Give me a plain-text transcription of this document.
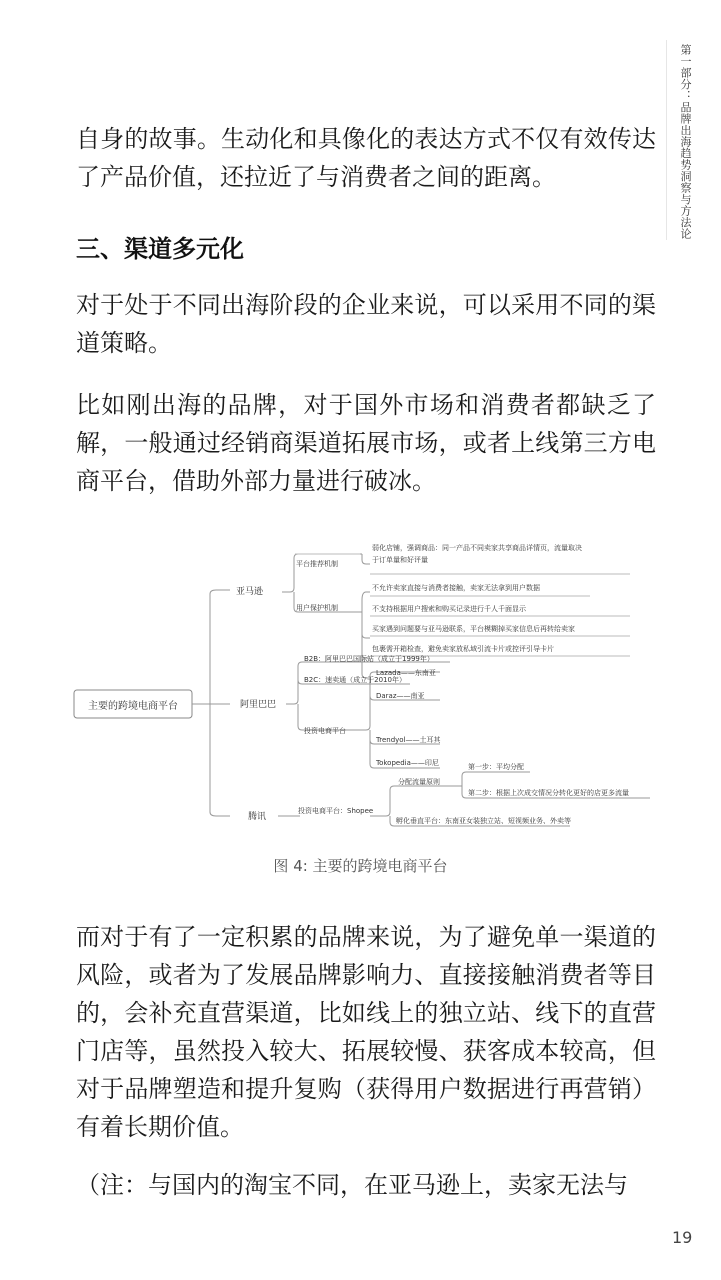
第一部分：品牌出海趋势洞察与方法论

自身的故事。生动化和具像化的表达方式不仅有效传达了产品价值，还拉近了与消费者之间的距离。

三、渠道多元化

对于处于不同出海阶段的企业来说，可以采用不同的渠道策略。

比如刚出海的品牌，对于国外市场和消费者都缺乏了解，一般通过经销商渠道拓展市场，或者上线第三方电商平台，借助外部力量进行破冰。

主要的跨境电商平台
亚马逊
平台推荐机制
弱化店铺，强调商品：同一产品不同卖家共享商品详情页，流量取决
于订单量和好评量
用户保护机制
不允许卖家直接与消费者接触，卖家无法拿到用户数据
不支持根据用户搜索和购买记录进行千人千面显示
买家遇到问题要与亚马逊联系，平台模糊掉买家信息后再转给卖家
包裹需开箱检查，避免卖家放私域引流卡片或控评引导卡片
阿里巴巴
B2B：阿里巴巴国际站（成立于1999年）
B2C：速卖通（成立于2010年）
投资电商平台
Lazada——东南亚
Daraz——南亚
Trendyol——土耳其
Tokopedia——印尼
腾讯
投资电商平台：Shopee
分配流量原则
第一步：平均分配
第二步：根据上次成交情况分转化更好的店更多流量
孵化垂直平台：东南亚女装独立站、短视频业务、外卖等
图 4: 主要的跨境电商平台

而对于有了一定积累的品牌来说，为了避免单一渠道的风险，或者为了发展品牌影响力、直接接触消费者等目的，会补充直营渠道，比如线上的独立站、线下的直营门店等，虽然投入较大、拓展较慢、获客成本较高，但对于品牌塑造和提升复购（获得用户数据进行再营销）有着长期价值。

（注：与国内的淘宝不同，在亚马逊上，卖家无法与

19
